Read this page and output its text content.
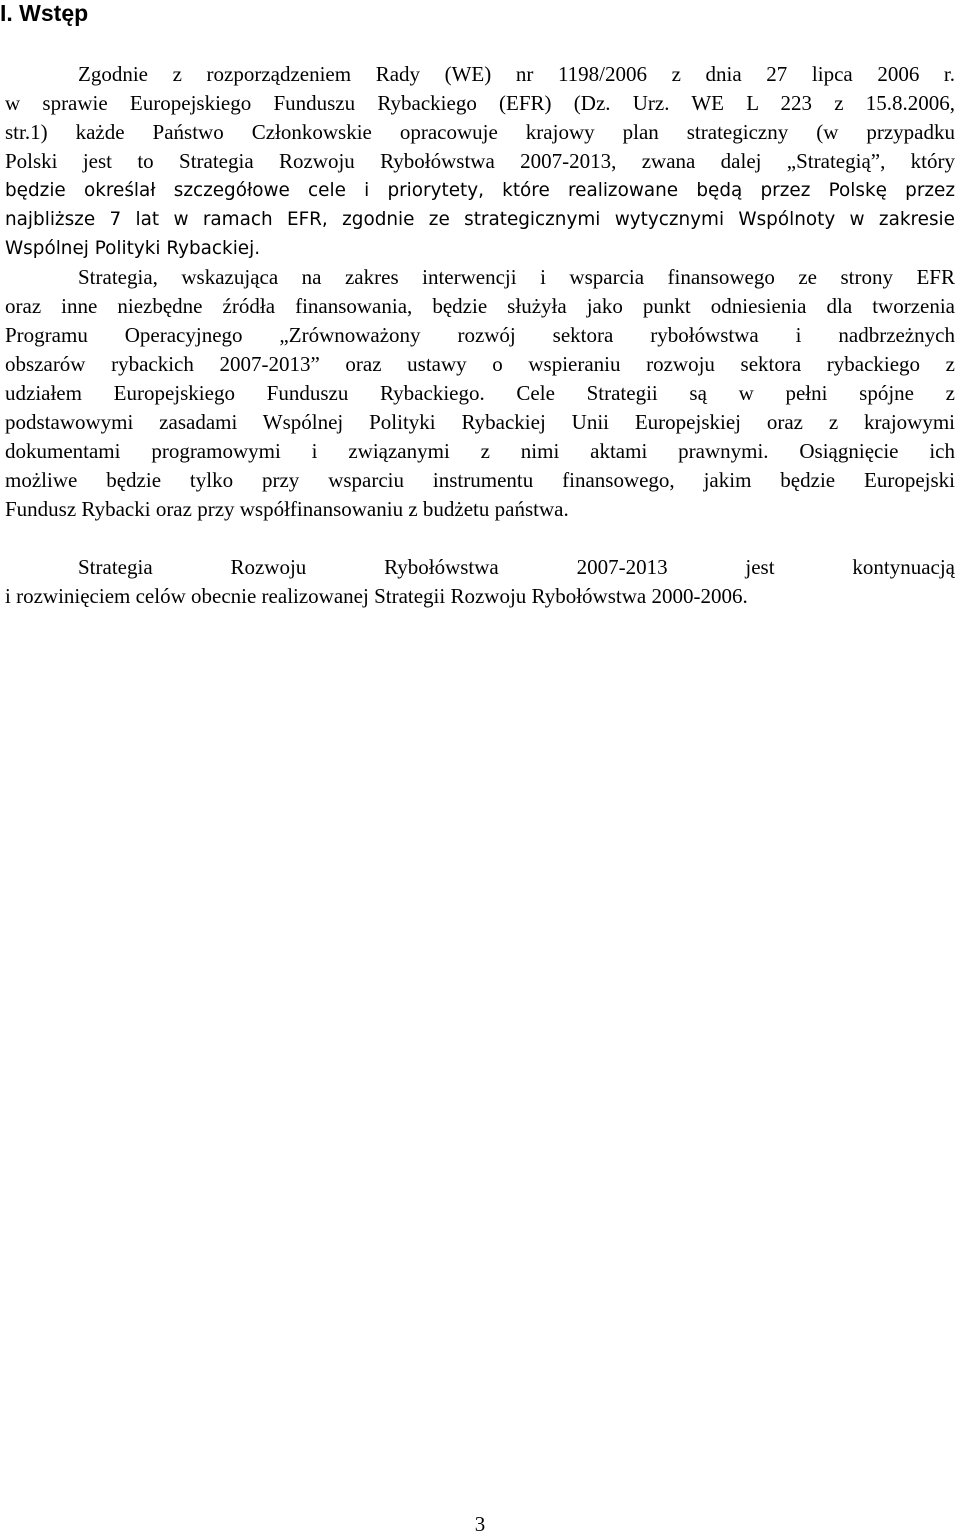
I. Wstęp

Zgodnie z rozporządzeniem Rady (WE) nr 1198/2006 z dnia 27 lipca 2006 r.

w sprawie Europejskiego Funduszu Rybackiego (EFR) (Dz. Urz. WE L 223 z 15.8.2006,

str.1) każde Państwo Członkowskie opracowuje krajowy plan strategiczny (w przypadku

Polski jest to Strategia Rozwoju Rybołówstwa 2007-2013, zwana dalej „Strategią”, który

będzie określał szczegółowe cele i priorytety, które realizowane będą przez Polskę przez

najbliższe 7 lat w ramach EFR, zgodnie ze strategicznymi wytycznymi Wspólnoty w zakresie

Wspólnej Polityki Rybackiej.

Strategia, wskazująca na zakres interwencji i wsparcia finansowego ze strony EFR

oraz inne niezbędne źródła finansowania, będzie służyła jako punkt odniesienia dla tworzenia

Programu Operacyjnego „Zrównoważony rozwój sektora rybołówstwa i nadbrzeżnych

obszarów rybackich 2007-2013” oraz ustawy o wspieraniu rozwoju sektora rybackiego z

udziałem Europejskiego Funduszu Rybackiego. Cele Strategii są w pełni spójne z

podstawowymi zasadami Wspólnej Polityki Rybackiej Unii Europejskiej oraz z krajowymi

dokumentami programowymi i związanymi z nimi aktami prawnymi. Osiągnięcie ich

możliwe będzie tylko przy wsparciu instrumentu finansowego, jakim będzie Europejski

Fundusz Rybacki oraz przy współfinansowaniu z budżetu państwa.

Strategia Rozwoju Rybołówstwa 2007-2013 jest kontynuacją

i rozwinięciem celów obecnie realizowanej Strategii Rozwoju Rybołówstwa 2000-2006.

3
